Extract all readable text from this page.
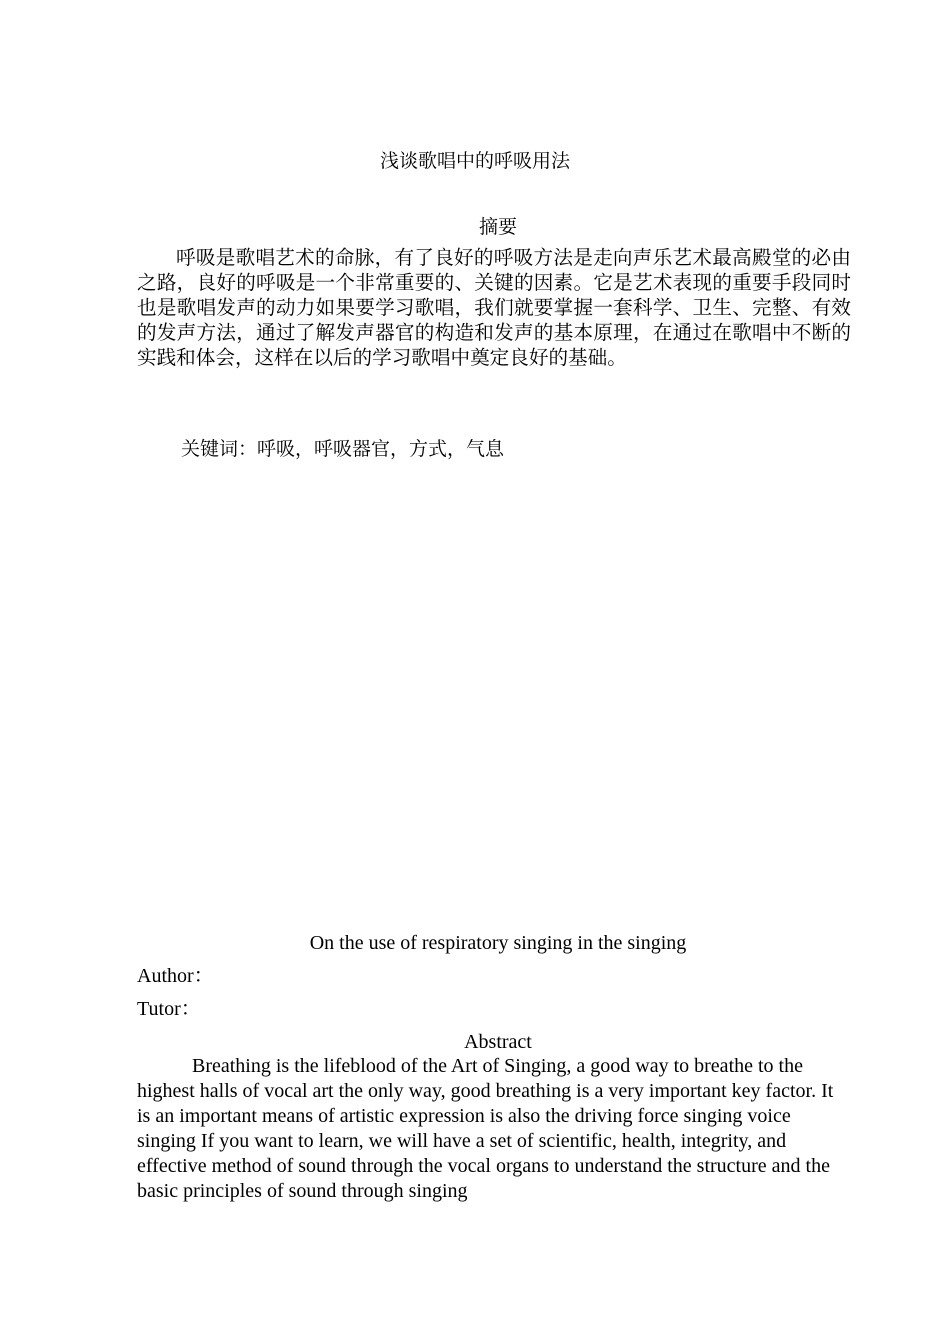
浅谈歌唱中的呼吸用法
摘要

呼吸是歌唱艺术的命脉，有了良好的呼吸方法是走向声乐艺术最高殿堂的必由之路，良好的呼吸是一个非常重要的、关键的因素。它是艺术表现的重要手段同时也是歌唱发声的动力如果要学习歌唱，我们就要掌握一套科学、卫生、完整、有效的发声方法，通过了解发声器官的构造和发声的基本原理，在通过在歌唱中不断的实践和体会，这样在以后的学习歌唱中奠定良好的基础。

关键词：呼吸，呼吸器官，方式，气息
On the use of respiratory singing in the singing
Author：
Tutor：
Abstract

Breathing is the lifeblood of the Art of Singing, a good way to breathe to the highest halls of vocal art the only way, good breathing is a very important key factor. It is an important means of artistic expression is also the driving force singing voice singing If you want to learn, we will have a set of scientific, health, integrity, and effective method of sound through the vocal organs to understand the structure and the basic principles of sound through singing
